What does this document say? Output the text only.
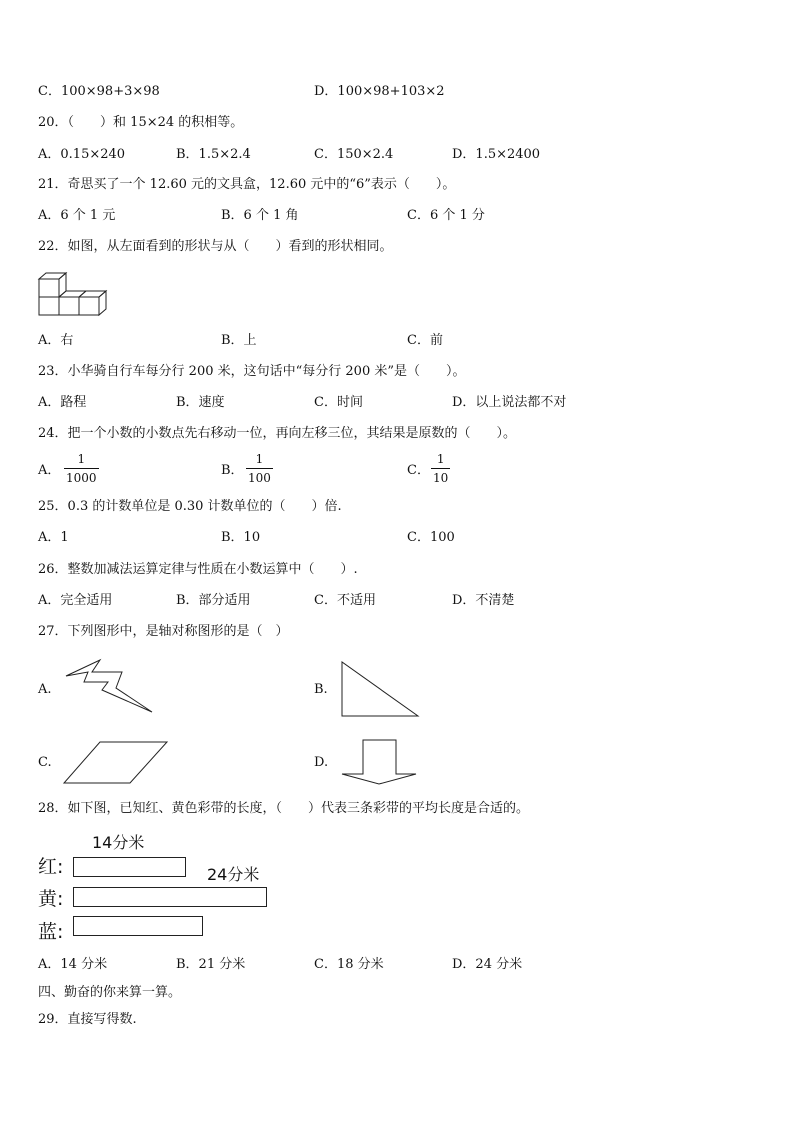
C．100×98+3×98	D．100×98+103×2
20．（　　）和 15×24 的积相等。
A．0.15×240	B．1.5×2.4	C．150×2.4	D．1.5×2400
21．奇思买了一个 12.60 元的文具盒，12.60 元中的“6”表示（　　）。
A．6 个 1 元	B．6 个 1 角	C．6 个 1 分
22．如图，从左面看到的形状与从（　　）看到的形状相同。
A．右	B．上	C．前
23．小华骑自行车每分行 200 米，这句话中“每分行 200 米”是（　　）。
A．路程	B．速度	C．时间	D．以上说法都不对
24．把一个小数的小数点先右移动一位，再向左移三位，其结果是原数的（　　）。
A． $\frac{1}{1000}$	B． $\frac{1}{100}$	C． $\frac{1}{10}$
25．0.3 的计数单位是 0.30 计数单位的（　　）倍.
A．1	B．10	C．100
26．整数加减法运算定律与性质在小数运算中（　　）.
A．完全适用	B．部分适用	C．不适用	D．不清楚
27．下列图形中，是轴对称图形的是（　）
A.	B.
C.	D.
28．如下图，已知红、黄色彩带的长度，（　　）代表三条彩带的平均长度是合适的。
14分米
24分米
红:
黄:
蓝:
A．14 分米	B．21 分米	C．18 分米	D．24 分米
四、勤奋的你来算一算。
29．直接写得数.
